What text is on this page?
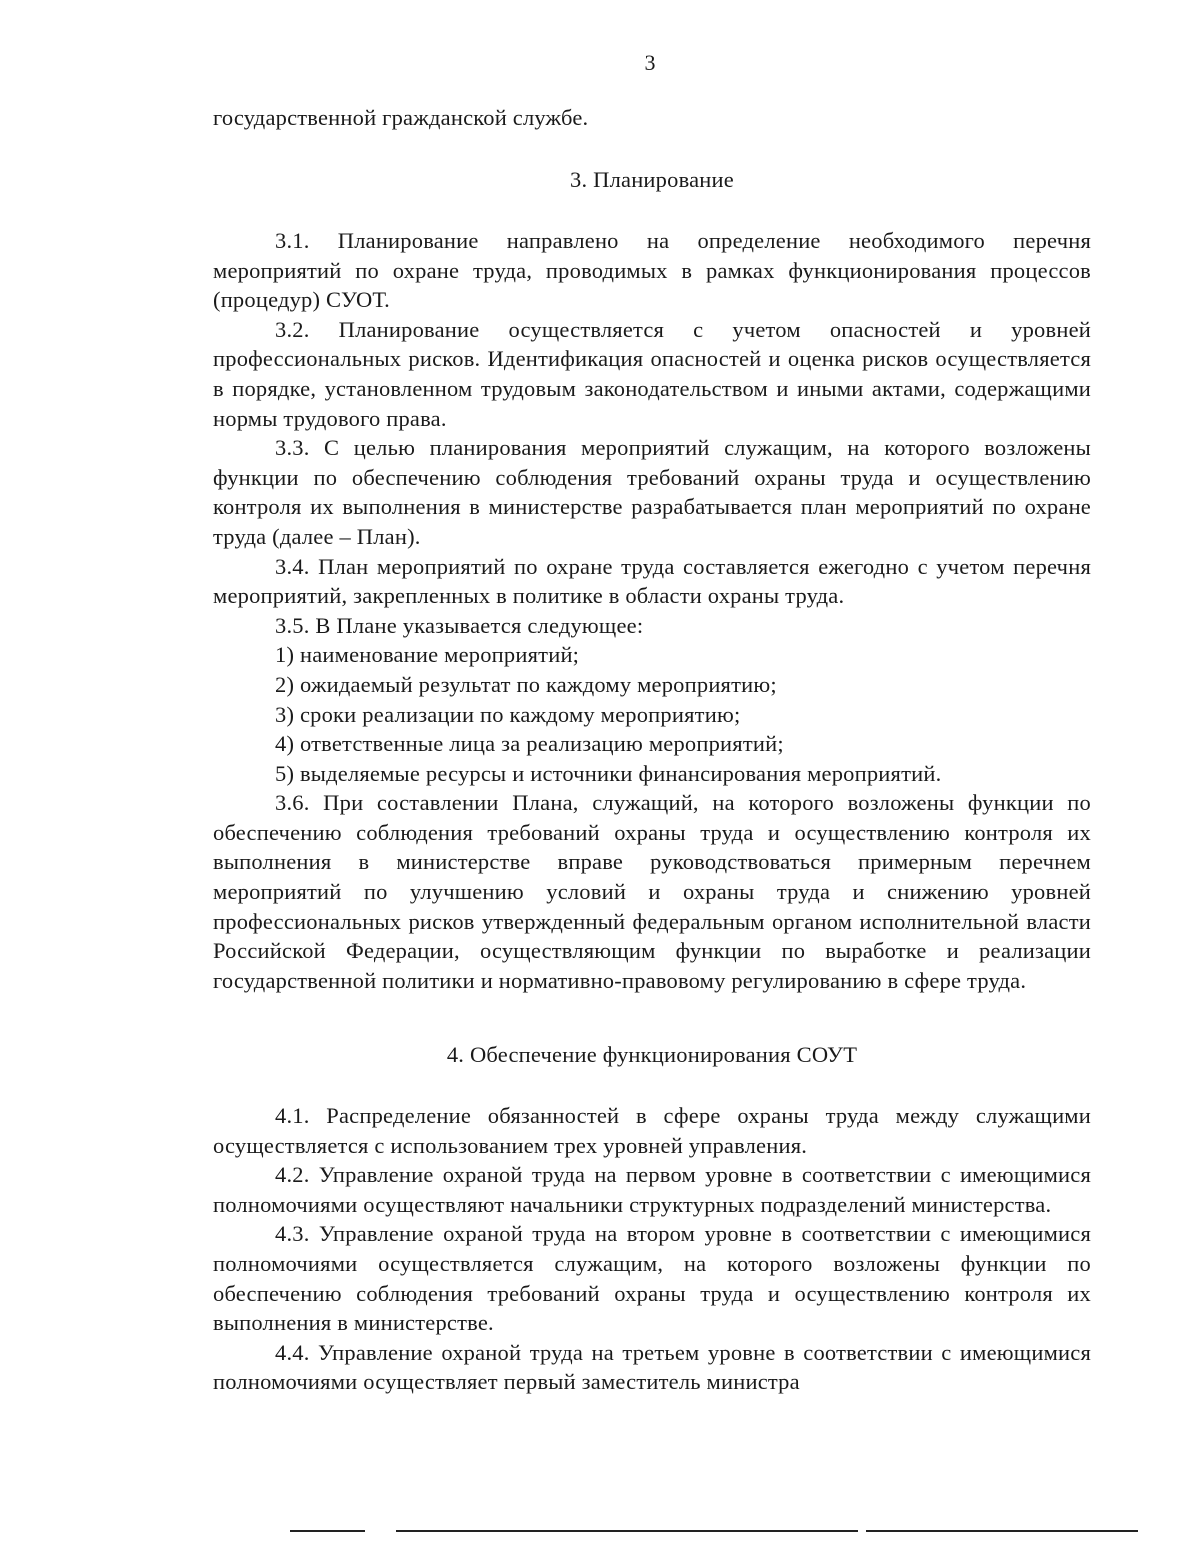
3

государственной гражданской службе.

3. Планирование

3.1. Планирование направлено на определение необходимого перечня мероприятий по охране труда, проводимых в рамках функционирования процессов (процедур) СУОТ.

3.2. Планирование осуществляется с учетом опасностей и уровней профессиональных рисков. Идентификация опасностей и оценка рисков осуществляется в порядке, установленном трудовым законодательством и иными актами, содержащими нормы трудового права.

3.3. С целью планирования мероприятий служащим, на которого возложены функции по обеспечению соблюдения требований охраны труда и осуществлению контроля их выполнения в министерстве разрабатывается план мероприятий по охране труда (далее – План).

3.4. План мероприятий по охране труда составляется ежегодно с учетом перечня мероприятий, закрепленных в политике в области охраны труда.

3.5. В Плане указывается следующее:

1) наименование мероприятий;

2) ожидаемый результат по каждому мероприятию;

3) сроки реализации по каждому мероприятию;

4) ответственные лица за реализацию мероприятий;

5) выделяемые ресурсы и источники финансирования мероприятий.

3.6. При составлении Плана, служащий, на которого возложены функции по обеспечению соблюдения требований охраны труда и осуществлению контроля их выполнения в министерстве вправе руководствоваться примерным перечнем мероприятий по улучшению условий и охраны труда и снижению уровней профессиональных рисков утвержденный федеральным органом исполнительной власти Российской Федерации, осуществляющим функции по выработке и реализации государственной политики и нормативно-правовому регулированию в сфере труда.

4. Обеспечение функционирования СОУТ

4.1. Распределение обязанностей в сфере охраны труда между служащими осуществляется с использованием трех уровней управления.

4.2. Управление охраной труда на первом уровне в соответствии с имеющимися полномочиями осуществляют начальники структурных подразделений министерства.

4.3. Управление охраной труда на втором уровне в соответствии с имеющимися полномочиями осуществляется служащим, на которого возложены функции по обеспечению соблюдения требований охраны труда и осуществлению контроля их выполнения в министерстве.

4.4. Управление охраной труда на третьем уровне в соответствии с имеющимися полномочиями осуществляет первый заместитель министра
